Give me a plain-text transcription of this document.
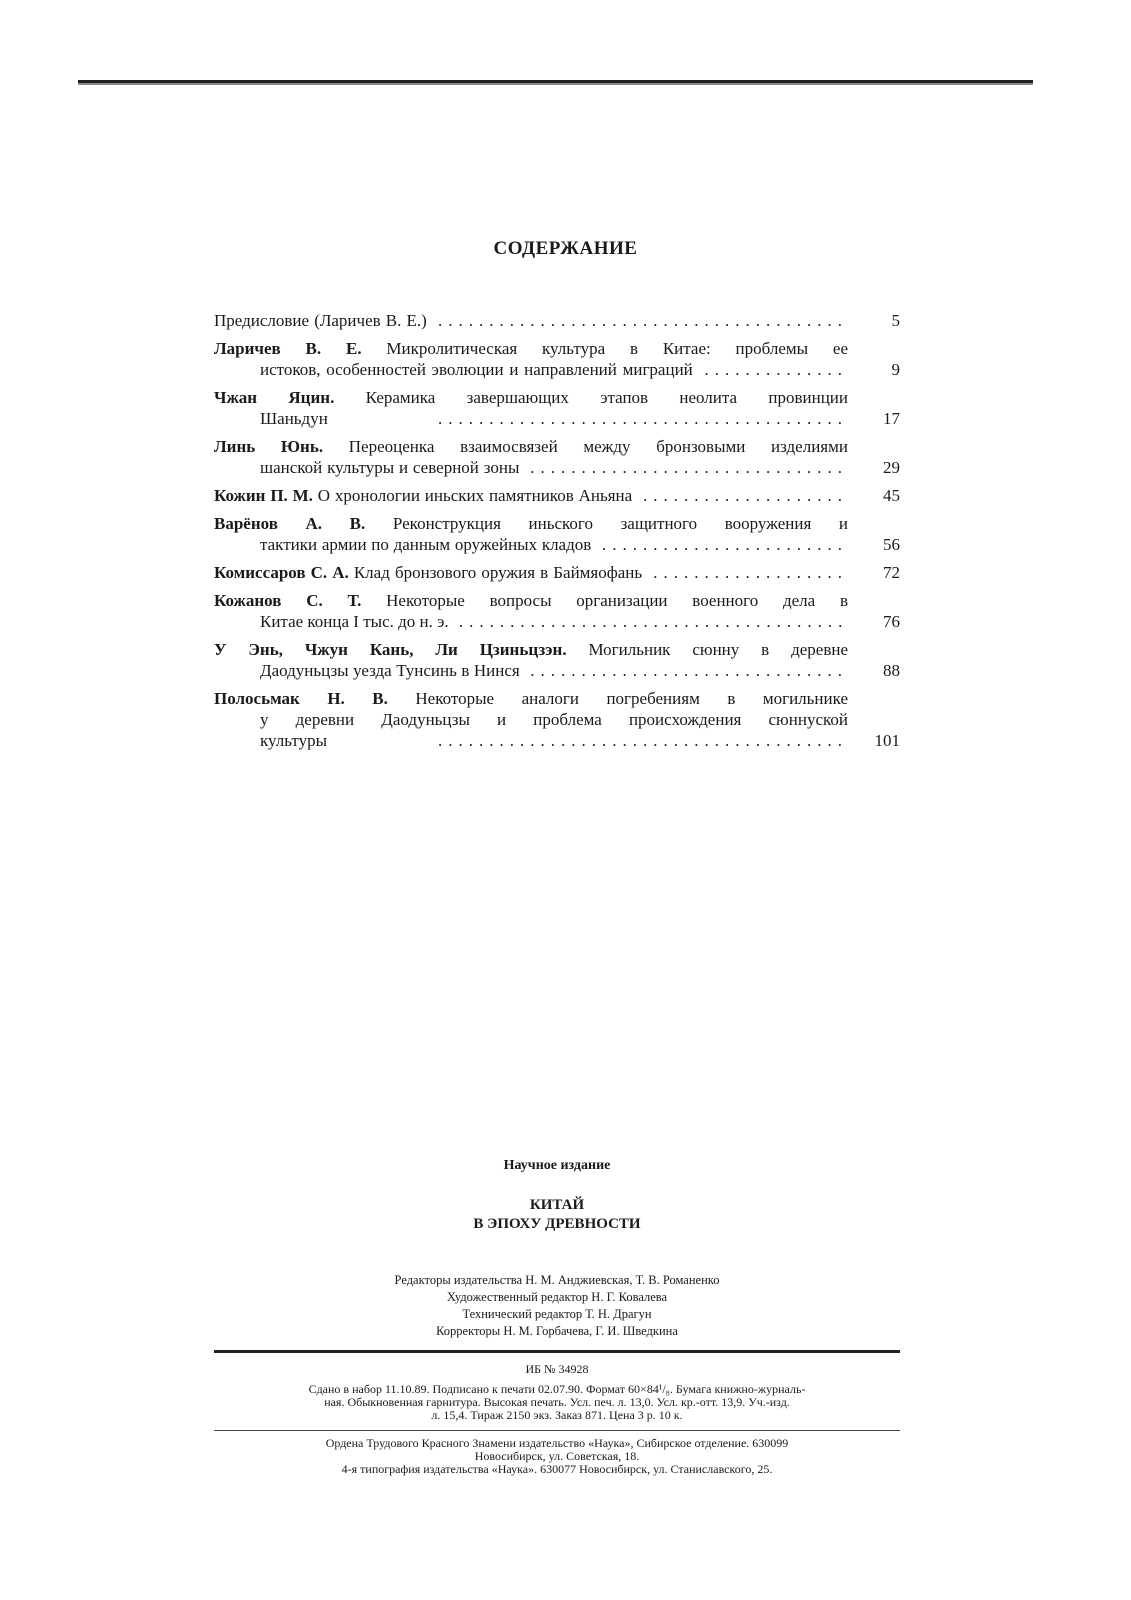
СОДЕРЖАНИЕ
Предисловие (Ларичев В. Е.) ........................................	5
Ларичев В. Е. Микролитическая культура в Китае: проблемы ее
истоков, особенностей эволюции и направлений миграций ..............	9
Чжан Яцин. Керамика завершающих этапов неолита провинции
Шаньдун ........................................	17
Линь Юнь. Переоценка взаимосвязей между бронзовыми изделиями
шанской культуры и северной зоны ...............................	29
Кожин П. М. О хронологии иньских памятников Аньяна ....................	45
Варёнов А. В. Реконструкция иньского защитного вооружения и
тактики армии по данным оружейных кладов ........................	56
Комиссаров С. А. Клад бронзового оружия в Баймяофань ...................	72
Кожанов С. Т. Некоторые вопросы организации военного дела в
Китае конца I тыс. до н. э. ......................................	76
У Энь, Чжун Кань, Ли Цзиньцзэн. Могильник сюнну в деревне
Даодуньцзы уезда Тунсинь в Нинся ...............................	88
Полосьмак Н. В. Некоторые аналоги погребениям в могильнике
у деревни Даодуньцзы и проблема происхождения сюннуской
культуры ........................................	101
Научное издание
КИТАЙ
В ЭПОХУ ДРЕВНОСТИ
Редакторы издательства Н. М. Анджиевская, Т. В. Романенко
Художественный редактор Н. Г. Ковалева
Технический редактор Т. Н. Драгун
Корректоры Н. М. Горбачева, Г. И. Шведкина
ИБ № 34928
Сдано в набор 11.10.89. Подписано к печати 02.07.90. Формат 60×84¹/₈. Бумага книжно-журналь-
ная. Обыкновенная гарнитура. Высокая печать. Усл. печ. л. 13,0. Усл. кр.-отт. 13,9. Уч.-изд.
л. 15,4. Тираж 2150 экз. Заказ 871. Цена 3 р. 10 к.
Ордена Трудового Красного Знамени издательство «Наука», Сибирское отделение. 630099
Новосибирск, ул. Советская, 18.
4-я типография издательства «Наука». 630077 Новосибирск, ул. Станиславского, 25.
